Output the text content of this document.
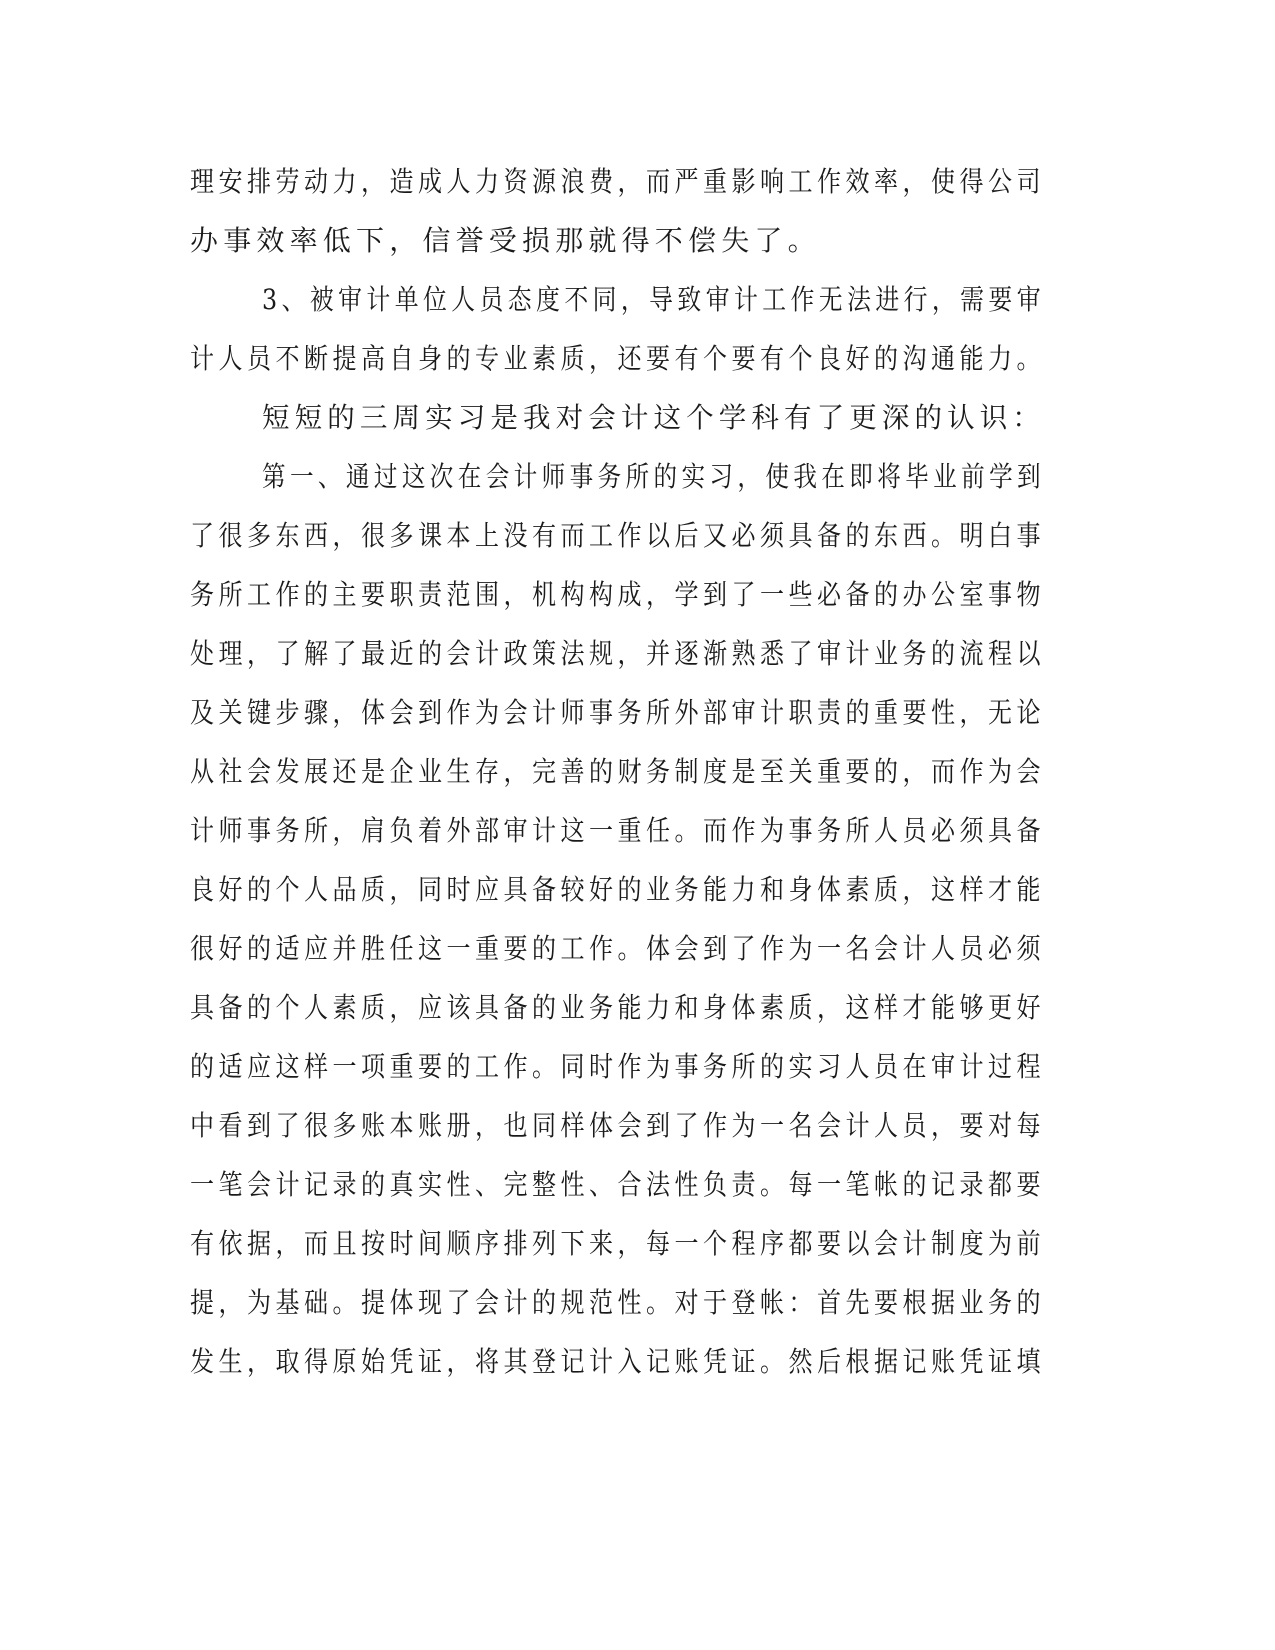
理安排劳动力，造成人力资源浪费，而严重影响工作效率，使得公司

办事效率低下，信誉受损那就得不偿失了。

3、被审计单位人员态度不同，导致审计工作无法进行，需要审

计人员不断提高自身的专业素质，还要有个要有个良好的沟通能力。

短短的三周实习是我对会计这个学科有了更深的认识：

第一、通过这次在会计师事务所的实习，使我在即将毕业前学到

了很多东西，很多课本上没有而工作以后又必须具备的东西。明白事

务所工作的主要职责范围，机构构成，学到了一些必备的办公室事物

处理，了解了最近的会计政策法规，并逐渐熟悉了审计业务的流程以

及关键步骤，体会到作为会计师事务所外部审计职责的重要性，无论

从社会发展还是企业生存，完善的财务制度是至关重要的，而作为会

计师事务所，肩负着外部审计这一重任。而作为事务所人员必须具备

良好的个人品质，同时应具备较好的业务能力和身体素质，这样才能

很好的适应并胜任这一重要的工作。体会到了作为一名会计人员必须

具备的个人素质，应该具备的业务能力和身体素质，这样才能够更好

的适应这样一项重要的工作。同时作为事务所的实习人员在审计过程

中看到了很多账本账册，也同样体会到了作为一名会计人员，要对每

一笔会计记录的真实性、完整性、合法性负责。每一笔帐的记录都要

有依据，而且按时间顺序排列下来，每一个程序都要以会计制度为前

提，为基础。提体现了会计的规范性。对于登帐：首先要根据业务的

发生，取得原始凭证，将其登记计入记账凭证。然后根据记账凭证填
